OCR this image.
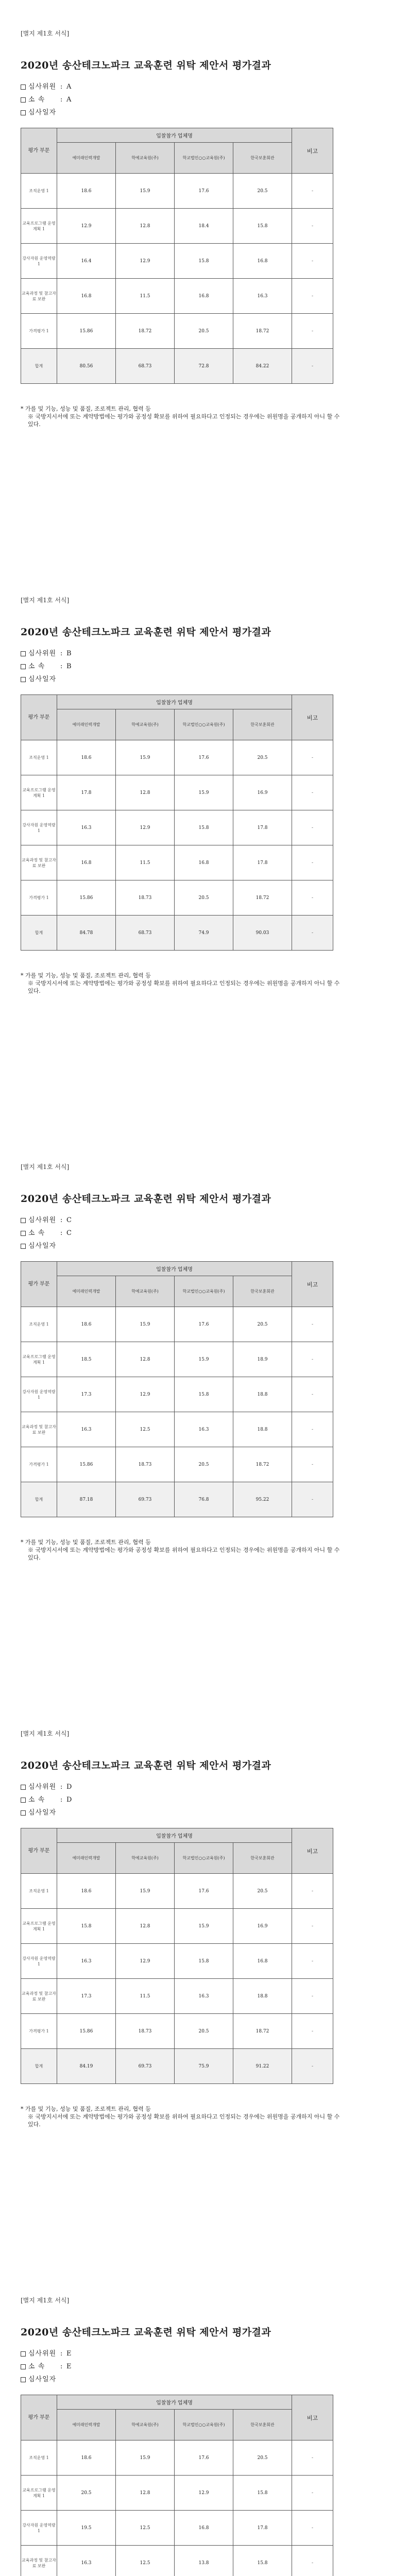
[별지 제1호 서식]
2020년 송산테크노파크 교육훈련 위탁 제안서 평가결과
심사위원 : A
소 속	: A
심사일자
평가 부문	입찰참가 업체명				비고
	예미래인력개발	학예교육원(주)	학교법인○○교육원(주)	한국보훈회관	
조직운영 1	18.6	15.9	17.6	20.5	-
교육프로그램 운영계획 1	12.9	12.8	18.4	15.8	-
강사자원 운영역량 1	16.4	12.9	15.8	16.8	-
교육과정 및 참고자료 보완	16.8	11.5	16.8	16.3	-
가격평가 1	15.86	18.72	20.5	18.72	-
합계	80.56	68.73	72.8	84.22	-
* 가를 및 기능, 성능 및 품질, 조로젝트 관리, 협력 등
※ 국방지시서에 또는 계약방법에는 평가와 공정성 확보를 위하여 필요하다고 인정되는 경우에는 위원명을 공개하지 아니 할 수 있다.
[별지 제1호 서식]
2020년 송산테크노파크 교육훈련 위탁 제안서 평가결과
심사위원 : B
소 속	: B
심사일자
평가 부문	입찰참가 업체명				비고
	예미래인력개발	학예교육원(주)	학교법인○○교육원(주)	한국보훈회관	
조직운영 1	18.6	15.9	17.6	20.5	-
교육프로그램 운영계획 1	17.8	12.8	15.9	16.9	-
강사자원 운영역량 1	16.3	12.9	15.8	17.8	-
교육과정 및 참고자료 보완	16.8	11.5	16.8	17.8	-
가격평가 1	15.86	18.73	20.5	18.72	-
합계	84.78	68.73	74.9	90.03	-
* 가를 및 기능, 성능 및 품질, 조로젝트 관리, 협력 등
※ 국방지시서에 또는 계약방법에는 평가와 공정성 확보를 위하여 필요하다고 인정되는 경우에는 위원명을 공개하지 아니 할 수 있다.
[별지 제1호 서식]
2020년 송산테크노파크 교육훈련 위탁 제안서 평가결과
심사위원 : C
소 속	: C
심사일자
평가 부문	입찰참가 업체명				비고
	예미래인력개발	학예교육원(주)	학교법인○○교육원(주)	한국보훈회관	
조직운영 1	18.6	15.9	17.6	20.5	-
교육프로그램 운영계획 1	18.5	12.8	15.9	18.9	-
강사자원 운영역량 1	17.3	12.9	15.8	18.8	-
교육과정 및 참고자료 보완	16.3	12.5	16.3	18.8	-
가격평가 1	15.86	18.73	20.5	18.72	-
합계	87.18	69.73	76.8	95.22	-
* 가를 및 기능, 성능 및 품질, 조로젝트 관리, 협력 등
※ 국방지시서에 또는 계약방법에는 평가와 공정성 확보를 위하여 필요하다고 인정되는 경우에는 위원명을 공개하지 아니 할 수 있다.
[별지 제1호 서식]
2020년 송산테크노파크 교육훈련 위탁 제안서 평가결과
심사위원 : D
소 속	: D
심사일자
평가 부문	입찰참가 업체명				비고
	예미래인력개발	학예교육원(주)	학교법인○○교육원(주)	한국보훈회관	
조직운영 1	18.6	15.9	17.6	20.5	-
교육프로그램 운영계획 1	15.8	12.8	15.9	16.9	-
강사자원 운영역량 1	16.3	12.9	15.8	16.8	-
교육과정 및 참고자료 보완	17.3	11.5	16.3	18.8	-
가격평가 1	15.86	18.73	20.5	18.72	-
합계	84.19	69.73	75.9	91.22	-
* 가를 및 기능, 성능 및 품질, 조로젝트 관리, 협력 등
※ 국방지시서에 또는 계약방법에는 평가와 공정성 확보를 위하여 필요하다고 인정되는 경우에는 위원명을 공개하지 아니 할 수 있다.
[별지 제1호 서식]
2020년 송산테크노파크 교육훈련 위탁 제안서 평가결과
심사위원 : E
소 속	: E
심사일자
평가 부문	입찰참가 업체명				비고
	예미래인력개발	학예교육원(주)	학교법인○○교육원(주)	한국보훈회관	
조직운영 1	18.6	15.9	17.6	20.5	-
교육프로그램 운영계획 1	20.5	12.8	12.9	15.8	-
강사자원 운영역량 1	19.5	12.5	16.8	17.8	-
교육과정 및 참고자료 보완	16.3	12.5	13.8	15.8	-
